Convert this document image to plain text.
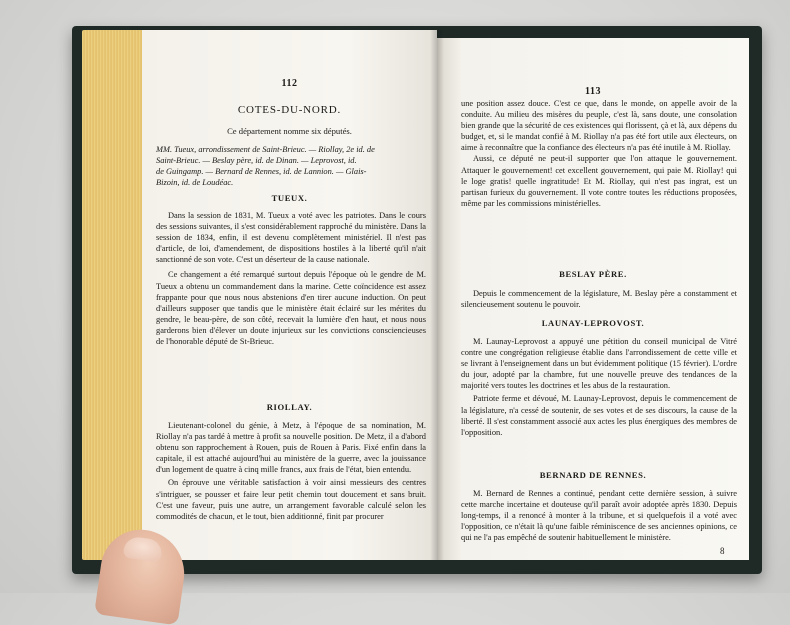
112
COTES-DU-NORD.
Ce département nomme six députés.
MM. Tueux, arrondissement de Saint-Brieuc. — Riollay, 2e id. de
Saint-Brieuc. — Beslay père, id. de Dinan. — Leprovost, id.
de Guingamp. — Bernard de Rennes, id. de Lannion. — Glais-
Bizoin, id. de Loudéac.
TUEUX.

Dans la session de 1831, M. Tueux a voté avec les patriotes. Dans le cours des sessions suivantes, il s'est considérablement rapproché du ministère. Dans la session de 1834, enfin, il est devenu complètement ministériel. Il n'est pas d'article, de loi, d'amendement, de dispositions hostiles à la liberté qu'il n'ait sanctionné de son vote. C'est un déserteur de la cause nationale.

Ce changement a été remarqué surtout depuis l'époque où le gendre de M. Tueux a obtenu un commandement dans la marine. Cette coïncidence est assez frappante pour que nous nous abstenions d'en tirer aucune induction. On peut d'ailleurs supposer que tandis que le ministère était éclairé sur les mérites du gendre, le beau-père, de son côté, recevait la lumière d'en haut, et nous nous garderons bien d'élever un doute injurieux sur les convictions consciencieuses de l'honorable député de St-Brieuc.

RIOLLAY.

Lieutenant-colonel du génie, à Metz, à l'époque de sa nomination, M. Riollay n'a pas tardé à mettre à profit sa nouvelle position. De Metz, il a d'abord obtenu son rapprochement à Rouen, puis de Rouen à Paris. Fixé enfin dans la capitale, il est attaché aujourd'hui au ministère de la guerre, avec la jouissance d'un logement de quatre à cinq mille francs, aux frais de l'état, bien entendu.

On éprouve une véritable satisfaction à voir ainsi messieurs des centres s'intriguer, se pousser et faire leur petit chemin tout doucement et sans bruit. C'est une faveur, puis une autre, un arrangement favorable calculé selon les commodités de chacun, et le tout, bien additionné, finit par procurer

113

une position assez douce. C'est ce que, dans le monde, on appelle avoir de la conduite. Au milieu des misères du peuple, c'est là, sans doute, une consolation bien grande que la sécurité de ces existences qui florissent, çà et là, aux dépens du budget, et, si le mandat confié à M. Riollay n'a pas été fort utile aux électeurs, on aime à reconnaître que la confiance des électeurs n'a pas été inutile à M. Riollay.

Aussi, ce député ne peut-il supporter que l'on attaque le gouvernement. Attaquer le gouvernement! cet excellent gouvernement, qui paie M. Riollay! qui le loge gratis! quelle ingratitude! Et M. Riollay, qui n'est pas ingrat, est un partisan furieux du gouvernement. Il vote contre toutes les réductions proposées, même par les commissions ministérielles.

BESLAY PÈRE.

Depuis le commencement de la législature, M. Beslay père a constamment et silencieusement soutenu le pouvoir.

LAUNAY-LEPROVOST.

M. Launay-Leprovost a appuyé une pétition du conseil municipal de Vitré contre une congrégation religieuse établie dans l'arrondissement de cette ville et se livrant à l'enseignement dans un but évidemment politique (15 février). L'ordre du jour, adopté par la chambre, fut une nouvelle preuve des tendances de la majorité vers toutes les doctrines et les abus de la restauration.

Patriote ferme et dévoué, M. Launay-Leprovost, depuis le commencement de la législature, n'a cessé de soutenir, de ses votes et de ses discours, la cause de la liberté. Il s'est constamment associé aux actes les plus énergiques des membres de l'opposition.

BERNARD DE RENNES.

M. Bernard de Rennes a continué, pendant cette dernière session, à suivre cette marche incertaine et douteuse qu'il paraît avoir adoptée après 1830. Depuis long-temps, il a renoncé à monter à la tribune, et si quelquefois il a voté avec l'opposition, ce n'était là qu'une faible réminiscence de ses anciennes opinions, ce qui ne l'a pas empêché de soutenir habituellement le ministère.

8
